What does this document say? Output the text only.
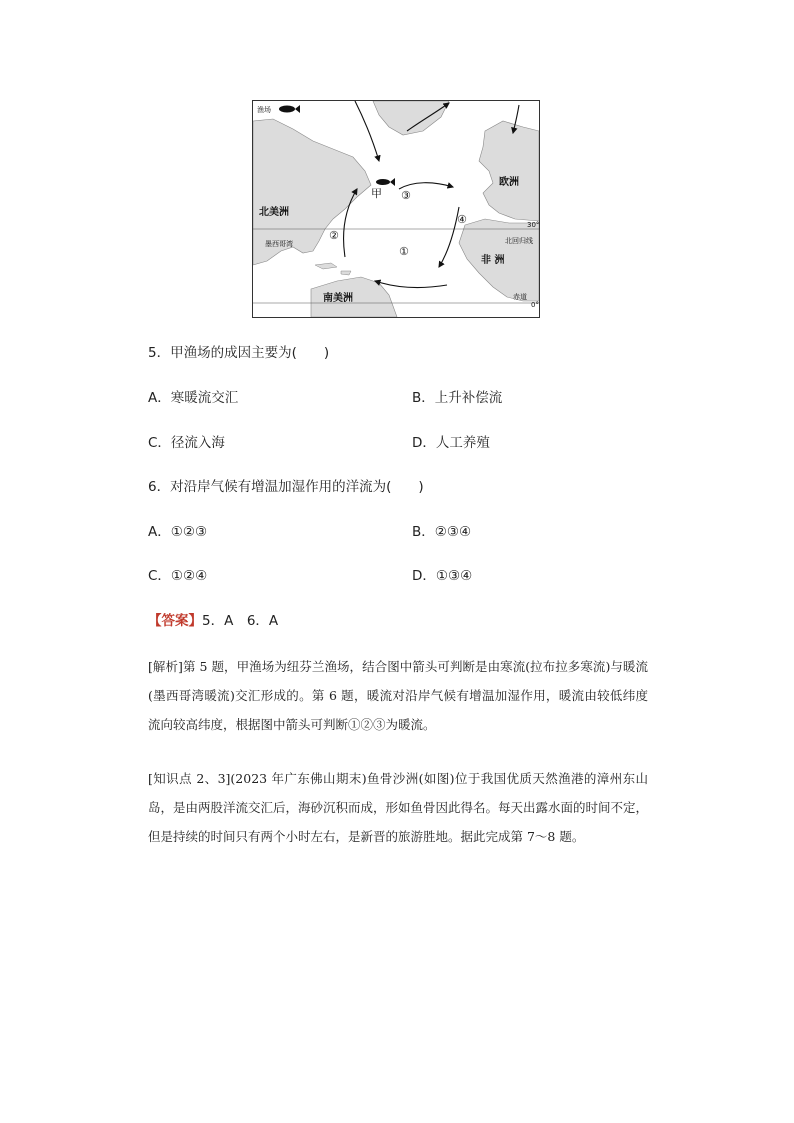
渔场
甲 ③
欧洲
北美洲
④
②
墨西哥湾
30°
北回归线
非 洲
①
南美洲	赤道
0°
5．甲渔场的成因主要为(　　)
A．寒暖流交汇	B．上升补偿流
C．径流入海	D．人工养殖
6．对沿岸气候有增温加湿作用的洋流为(　　)
A．①②③	B．②③④
C．①②④	D．①③④
【答案】5．A　6．A
[解析]第 5 题，甲渔场为纽芬兰渔场，结合图中箭头可判断是由寒流(拉布拉多寒流)与暖流(墨西哥湾暖流)交汇形成的。第 6 题，暖流对沿岸气候有增温加湿作用，暖流由较低纬度流向较高纬度，根据图中箭头可判断①②③为暖流。
[知识点 2、3](2023 年广东佛山期末)鱼骨沙洲(如图)位于我国优质天然渔港的漳州东山岛，是由两股洋流交汇后，海砂沉积而成，形如鱼骨因此得名。每天出露水面的时间不定，但是持续的时间只有两个小时左右，是新晋的旅游胜地。据此完成第 7～8 题。
